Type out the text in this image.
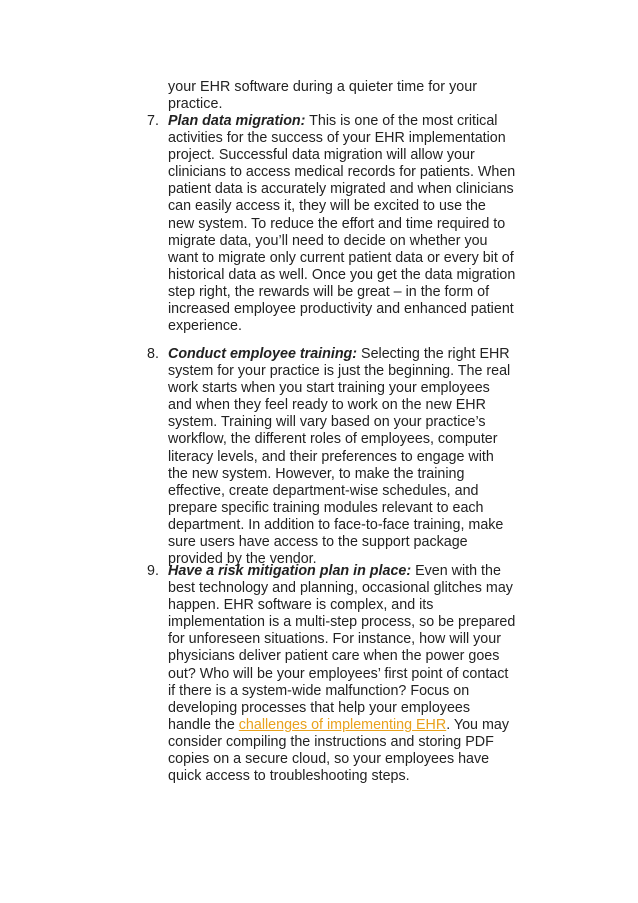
your EHR software during a quieter time for your practice.
7. Plan data migration: This is one of the most critical activities for the success of your EHR implementation project. Successful data migration will allow your clinicians to access medical records for patients. When patient data is accurately migrated and when clinicians can easily access it, they will be excited to use the new system. To reduce the effort and time required to migrate data, you’ll need to decide on whether you want to migrate only current patient data or every bit of historical data as well. Once you get the data migration step right, the rewards will be great – in the form of increased employee productivity and enhanced patient experience.
8. Conduct employee training: Selecting the right EHR system for your practice is just the beginning. The real work starts when you start training your employees and when they feel ready to work on the new EHR system. Training will vary based on your practice’s workflow, the different roles of employees, computer literacy levels, and their preferences to engage with the new system. However, to make the training effective, create department-wise schedules, and prepare specific training modules relevant to each department. In addition to face-to-face training, make sure users have access to the support package provided by the vendor.
9. Have a risk mitigation plan in place: Even with the best technology and planning, occasional glitches may happen. EHR software is complex, and its implementation is a multi-step process, so be prepared for unforeseen situations. For instance, how will your physicians deliver patient care when the power goes out? Who will be your employees’ first point of contact if there is a system-wide malfunction? Focus on developing processes that help your employees handle the challenges of implementing EHR. You may consider compiling the instructions and storing PDF copies on a secure cloud, so your employees have quick access to troubleshooting steps.
